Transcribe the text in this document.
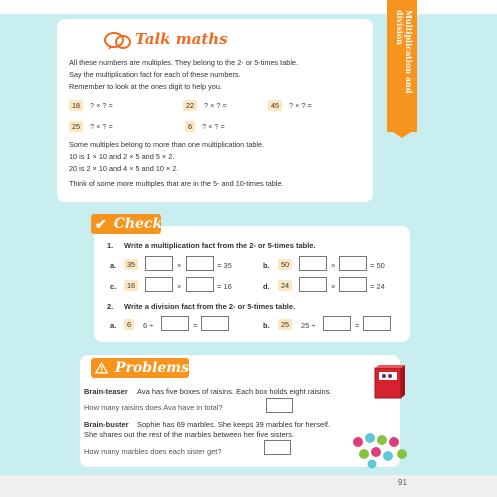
Multiplication and division
Talk maths
All these numbers are multiples. They belong to the 2- or 5-times table.
Say the multiplication fact for each of these numbers.
Remember to look at the ones digit to help you.
18	? × ? =	22	? × ? =	45	? × ? =
25	? × ? =	6	? × ? =
Some multiples belong to more than one multiplication table.
10 is 1 × 10 and 2 × 5 and 5 × 2.
20 is 2 × 10 and 4 × 5 and 10 × 2.
Think of some more multiples that are in the 5- and 10-times table.
✔ Check
1. Write a multiplication fact from the 2- or 5-times table.
a.	35	×	= 35	b.	50	×	= 50
c.	16	×	= 16	d.	24	×	= 24
2. Write a division fact from the 2- or 5-times table.
a.	6	6 ÷	=	b.	25	25 ÷	=
Problems
Brain-teaser Ava has five boxes of raisins. Each box holds eight raisins.
How many raisins does Ava have in total?
Brain-buster Sophie has 69 marbles. She keeps 39 marbles for herself.
She shares out the rest of the marbles between her five sisters.
How many marbles does each sister get?
91
